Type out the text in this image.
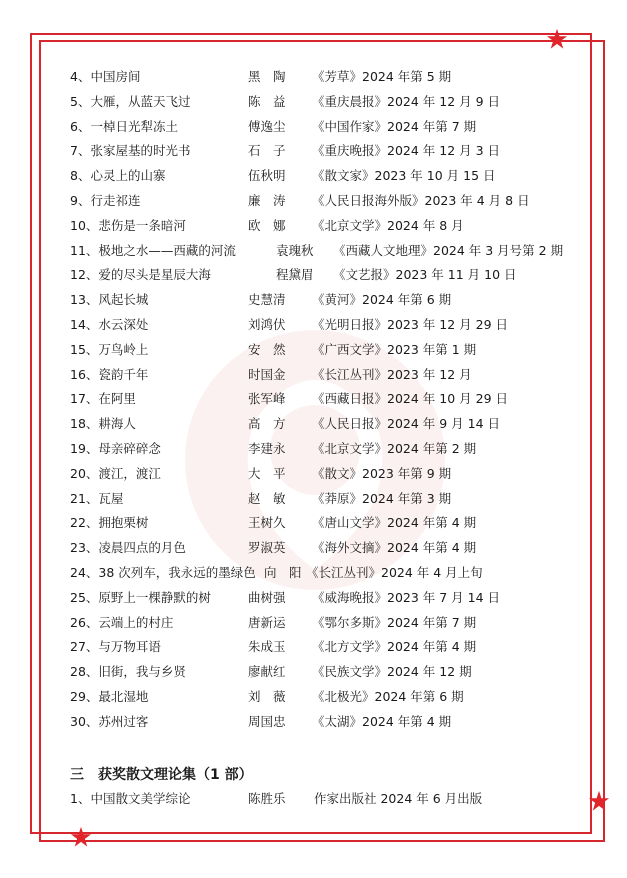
4、中国房间	黑　陶 《芳草》2024 年第 5 期
5、大雁，从蓝天飞过	陈　益 《重庆晨报》2024 年 12 月 9 日
6、一棹日光犁冻土	傅逸尘 《中国作家》2024 年第 7 期
7、张家屋基的时光书	石　子 《重庆晚报》2024 年 12 月 3 日
8、心灵上的山寨	伍秋明 《散文家》2023 年 10 月 15 日
9、行走祁连	廉　涛 《人民日报海外版》2023 年 4 月 8 日
10、悲伤是一条暗河	欧　娜 《北京文学》2024 年 8 月
11、极地之水——西藏的河流	袁瑰秋 《西藏人文地理》2024 年 3 月号第 2 期
12、爱的尽头是星辰大海	程黛眉 《文艺报》2023 年 11 月 10 日
13、风起长城	史慧清 《黄河》2024 年第 6 期
14、水云深处	刘鸿伏 《光明日报》2023 年 12 月 29 日
15、万鸟岭上	安　然 《广西文学》2023 年第 1 期
16、瓷韵千年	时国金 《长江丛刊》2023 年 12 月
17、在阿里	张军峰 《西藏日报》2024 年 10 月 29 日
18、耕海人	高　方 《人民日报》2024 年 9 月 14 日
19、母亲碎碎念	李建永 《北京文学》2024 年第 2 期
20、渡江，渡江	大　平 《散文》2023 年第 9 期
21、瓦屋	赵　敏 《莽原》2024 年第 3 期
22、拥抱栗树	王树久 《唐山文学》2024 年第 4 期
23、凌晨四点的月色	罗淑英 《海外文摘》2024 年第 4 期
24、38 次列车，我永远的墨绿色 向　阳 《长江丛刊》2024 年 4 月上旬
25、原野上一棵静默的树	曲树强 《威海晚报》2023 年 7 月 14 日
26、云端上的村庄	唐新运 《鄂尔多斯》2024 年第 7 期
27、与万物耳语	朱成玉 《北方文学》2024 年第 4 期
28、旧街，我与乡贤	廖献红 《民族文学》2024 年 12 期
29、最北湿地	刘　薇 《北极光》2024 年第 6 期
30、苏州过客	周国忠 《太湖》2024 年第 4 期
三　获奖散文理论集（1 部）
1、中国散文美学综论	陈胜乐 作家出版社 2024 年 6 月出版
